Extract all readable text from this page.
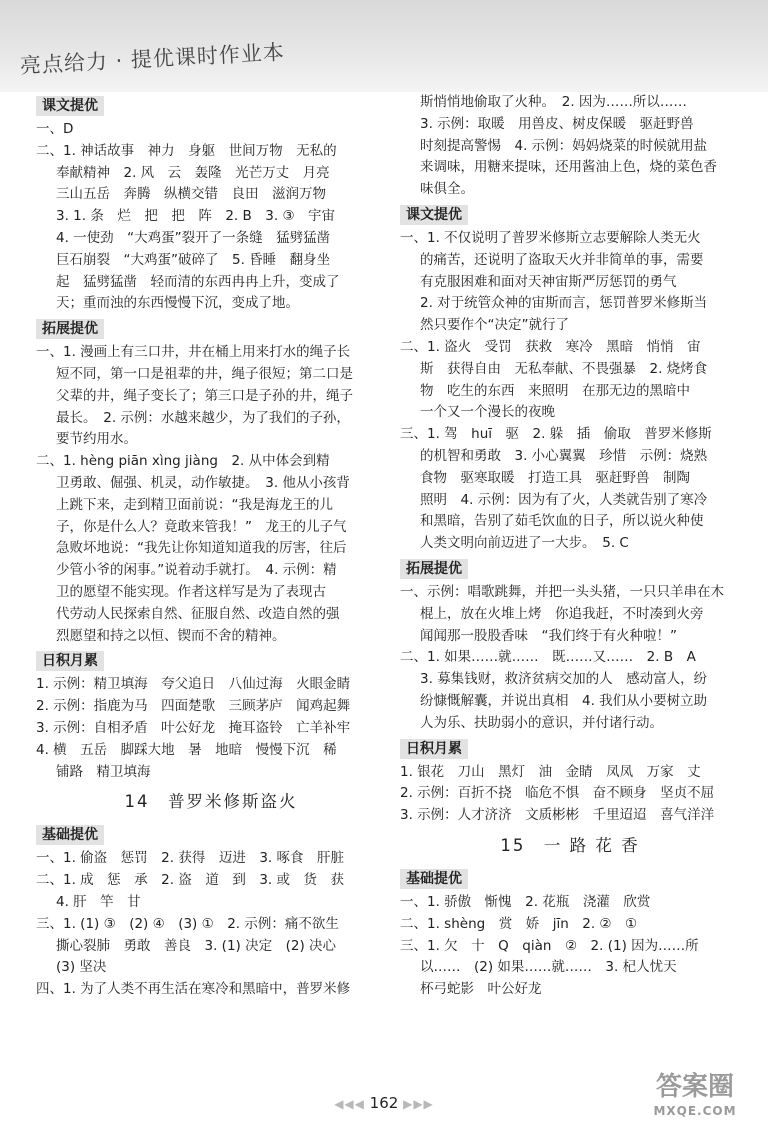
亮点给力 · 提优课时作业本
课文提优
一、D
二、1. 神话故事　神力　身躯　世间万物　无私的
奉献精神　2. 风　云　轰隆　光芒万丈　月亮
三山五岳　奔腾　纵横交错　良田　滋润万物
3. 1. 条　烂　把　把　阵　2. B　3. ③　宇宙
4. 一使劲　“大鸡蛋”裂开了一条缝　猛劈猛凿
巨石崩裂　“大鸡蛋”破碎了　5. 昏睡　翻身坐
起　猛劈猛凿　轻而清的东西冉冉上升，变成了
天；重而浊的东西慢慢下沉，变成了地。
拓展提优
一、1. 漫画上有三口井，井在桶上用来打水的绳子长
短不同，第一口是祖辈的井，绳子很短；第二口是
父辈的井，绳子变长了；第三口是子孙的井，绳子
最长。　2. 示例：水越来越少，为了我们的子孙，
要节约用水。
二、1. hèng piān xìng jiàng　2. 从中体会到精
卫勇敢、倔强、机灵，动作敏捷。　3. 他从小孩背
上跳下来，走到精卫面前说：“我是海龙王的儿
子，你是什么人？竟敢来管我！”　龙王的儿子气
急败坏地说：“我先让你知道知道我的厉害，往后
少管小爷的闲事。”说着动手就打。　4. 示例：精
卫的愿望不能实现。作者这样写是为了表现古
代劳动人民探索自然、征服自然、改造自然的强
烈愿望和持之以恒、锲而不舍的精神。
日积月累
1. 示例：精卫填海　夸父追日　八仙过海　火眼金睛
2. 示例：指鹿为马　四面楚歌　三顾茅庐　闻鸡起舞
3. 示例：自相矛盾　叶公好龙　掩耳盗铃　亡羊补牢
4. 横　五岳　脚踩大地　暑　地暗　慢慢下沉　稀
铺路　精卫填海
14　普罗米修斯盗火
基础提优
一、1. 偷盗　惩罚　2. 获得　迈进　3. 啄食　肝脏
二、1. 成　惩　承　2. 盗　道　到　3. 或　货　获
4. 肝　竿　甘
三、1. (1) ③　(2) ④　(3) ①　2. 示例：痛不欲生
撕心裂肺　勇敢　善良　3. (1) 决定　(2) 决心
(3) 坚决
四、1. 为了人类不再生活在寒冷和黑暗中，普罗米修
斯悄悄地偷取了火种。　2. 因为……所以……
3. 示例：取暖　用兽皮、树皮保暖　驱赶野兽
时刻提高警惕　4. 示例：妈妈烧菜的时候就用盐
来调味，用糖来提味，还用酱油上色，烧的菜色香
味俱全。
课文提优
一、1. 不仅说明了普罗米修斯立志要解除人类无火
的痛苦，还说明了盗取天火并非简单的事，需要
有克服困难和面对天神宙斯严厉惩罚的勇气
2. 对于统管众神的宙斯而言，惩罚普罗米修斯当
然只要作个“决定”就行了
二、1. 盗火　受罚　获救　寒冷　黑暗　悄悄　宙
斯　获得自由　无私奉献、不畏强暴　2. 烧烤食
物　吃生的东西　来照明　在那无边的黑暗中
一个又一个漫长的夜晚
三、1. 驾　huī　驱　2. 躲　插　偷取　普罗米修斯
的机智和勇敢　3. 小心翼翼　珍惜　示例：烧熟
食物　驱寒取暖　打造工具　驱赶野兽　制陶
照明　4. 示例：因为有了火，人类就告别了寒冷
和黑暗，告别了茹毛饮血的日子，所以说火种使
人类文明向前迈进了一大步。　5. C
拓展提优
一、示例：唱歌跳舞，并把一头头猪，一只只羊串在木
棍上，放在火堆上烤　你追我赶，不时凑到火旁
闻闻那一股股香味　“我们终于有火种啦！”
二、1. 如果……就……　既……又……　2. B　A
3. 募集钱财，救济贫病交加的人　感动富人，纷
纷慷慨解囊，并说出真相　4. 我们从小要树立助
人为乐、扶助弱小的意识，并付诸行动。
日积月累
1. 银花　刀山　黑灯　油　金睛　凤凤　万家　丈
2. 示例：百折不挠　临危不惧　奋不顾身　坚贞不屈
3. 示例：人才济济　文质彬彬　千里迢迢　喜气洋洋
15　一 路 花 香
基础提优
一、1. 骄傲　惭愧　2. 花瓶　浇灌　欣赏
二、1. shèng　赏　娇　jīn　2. ②　①
三、1. 欠　十　Q　qiàn　②　2. (1) 因为……所
以……　(2) 如果……就……　3. 杞人忧天
杯弓蛇影　叶公好龙
◀◀◀ 162 ▶▶▶
答案圈
MXQE.COM
